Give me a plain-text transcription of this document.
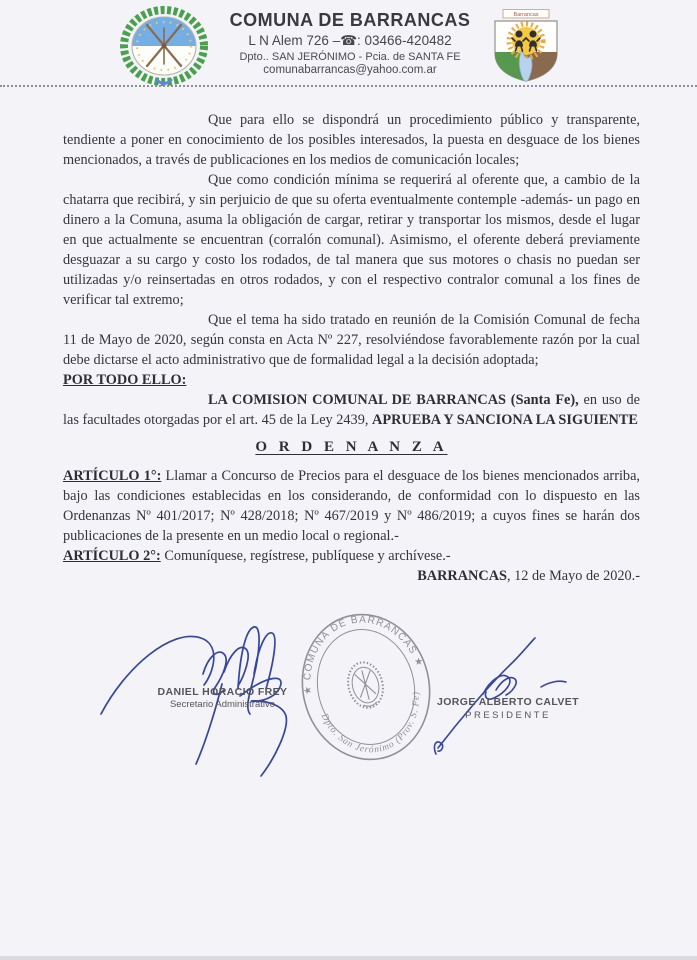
COMUNA DE BARRANCAS
L N Alem 726 –☎: 03466-420482
Dpto.. SAN JERÓNIMO - Pcia. de SANTA FE
comunabarrancas@yahoo.com.ar
Barrancas

Que para ello se dispondrá un procedimiento público y transparente, tendiente a poner en conocimiento de los posibles interesados, la puesta en desguace de los bienes mencionados, a través de publicaciones en los medios de comunicación locales;

Que como condición mínima se requerirá al oferente que, a cambio de la chatarra que recibirá, y sin perjuicio de que su oferta eventualmente contemple -además- un pago en dinero a la Comuna, asuma la obligación de cargar, retirar y transportar los mismos, desde el lugar en que actualmente se encuentran (corralón comunal). Asimismo, el oferente deberá previamente desguazar a su cargo y costo los rodados, de tal manera que sus motores o chasis no puedan ser utilizadas y/o reinsertadas en otros rodados, y con el respectivo contralor comunal a los fines de verificar tal extremo;

Que el tema ha sido tratado en reunión de la Comisión Comunal de fecha 11 de Mayo de 2020, según consta en Acta Nº 227, resolviéndose favorablemente razón por la cual debe dictarse el acto administrativo que de formalidad legal a la decisión adoptada;

POR TODO ELLO:

LA COMISION COMUNAL DE BARRANCAS (Santa Fe), en uso de las facultades otorgadas por el art. 45 de la Ley 2439, APRUEBA Y SANCIONA LA SIGUIENTE

O R D E N A N Z A

ARTÍCULO 1°: Llamar a Concurso de Precios para el desguace de los bienes mencionados arriba, bajo las condiciones establecidas en los considerando, de conformidad con lo dispuesto en las Ordenanzas Nº 401/2017; Nº 428/2018; Nº 467/2019 y Nº 486/2019; a cuyos fines se harán dos publicaciones de la presente en un medio local o regional.-

ARTÍCULO 2°: Comuníquese, regístrese, publíquese y archívese.-

BARRANCAS, 12 de Mayo de 2020.-

DANIEL HORACIO FREY
Secretario Administrativo
★ COMUNA DE BARRANCAS ★
Dpto. San Jerónimo (Prov. S. Fe)
JORGE ALBERTO CALVET
PRESIDENTE
